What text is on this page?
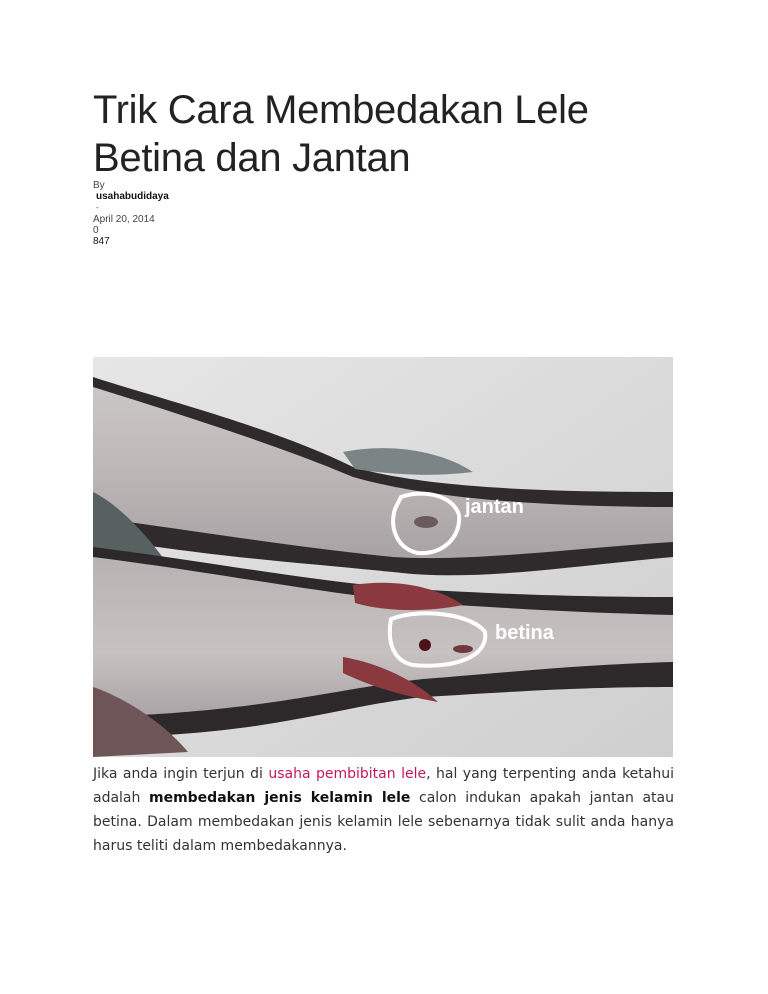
Trik Cara Membedakan Lele Betina dan Jantan
By
usahabudidaya
-
April 20, 2014
0
847
jantan
betina

Jika anda ingin terjun di usaha pembibitan lele, hal yang terpenting anda ketahui adalah membedakan jenis kelamin lele calon indukan apakah jantan atau betina. Dalam membedakan jenis kelamin lele sebenarnya tidak sulit anda hanya harus teliti dalam membedakannya.
